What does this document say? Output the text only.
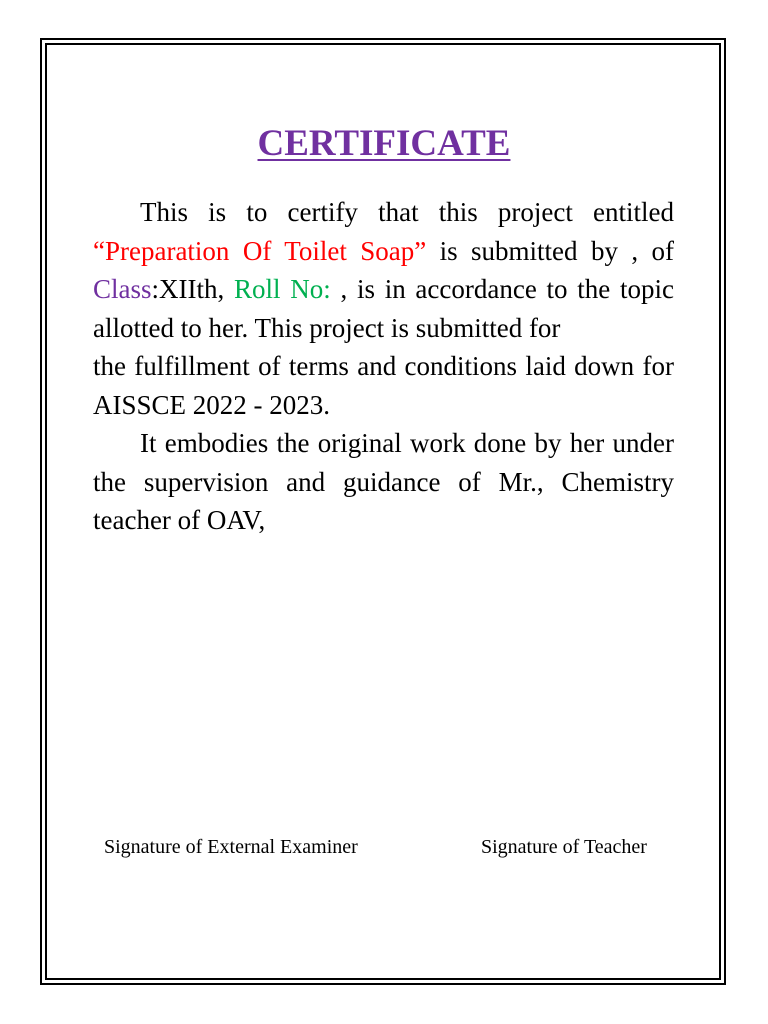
CERTIFICATE

This is to certify that this project entitled “Preparation Of Toilet Soap” is submitted by , of Class:XIIth, Roll No: , is in accordance to the topic allotted to her. This project is submitted for

the fulfillment of terms and conditions laid down for AISSCE 2022 - 2023.

It embodies the original work done by her under the supervision and guidance of Mr., Chemistry teacher of OAV,

Signature of External Examiner	Signature of Teacher
